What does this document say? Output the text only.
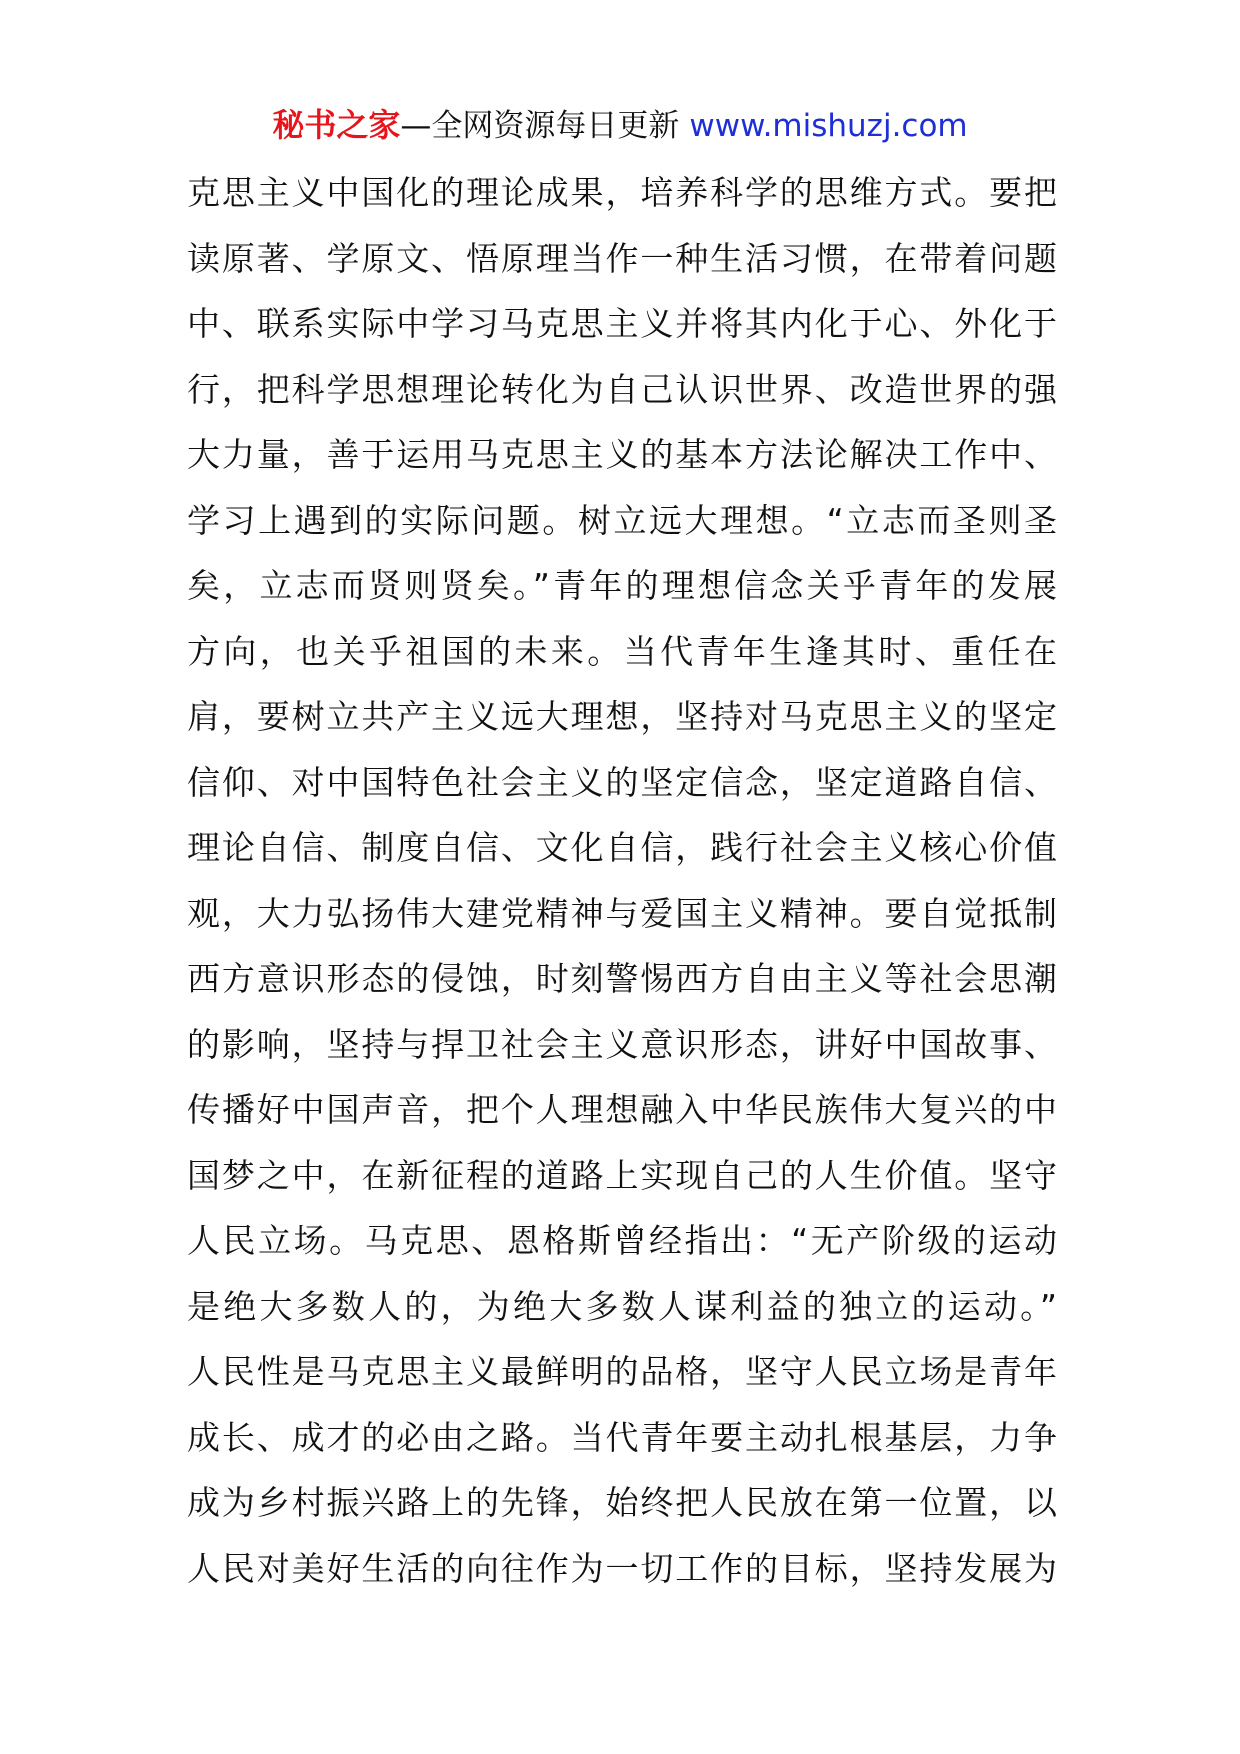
秘书之家—全网资源每日更新 www.mishuzj.com
克思主义中国化的理论成果，培养科学的思维方式。要把
读原著、学原文、悟原理当作一种生活习惯，在带着问题
中、联系实际中学习马克思主义并将其内化于心、外化于
行，把科学思想理论转化为自己认识世界、改造世界的强
大力量，善于运用马克思主义的基本方法论解决工作中、
学习上遇到的实际问题。树立远大理想。“立志而圣则圣
矣，立志而贤则贤矣。”青年的理想信念关乎青年的发展
方向，也关乎祖国的未来。当代青年生逢其时、重任在
肩，要树立共产主义远大理想，坚持对马克思主义的坚定
信仰、对中国特色社会主义的坚定信念，坚定道路自信、
理论自信、制度自信、文化自信，践行社会主义核心价值
观，大力弘扬伟大建党精神与爱国主义精神。要自觉抵制
西方意识形态的侵蚀，时刻警惕西方自由主义等社会思潮
的影响，坚持与捍卫社会主义意识形态，讲好中国故事、
传播好中国声音，把个人理想融入中华民族伟大复兴的中
国梦之中，在新征程的道路上实现自己的人生价值。坚守
人民立场。马克思、恩格斯曾经指出：“无产阶级的运动
是绝大多数人的，为绝大多数人谋利益的独立的运动。”
人民性是马克思主义最鲜明的品格，坚守人民立场是青年
成长、成才的必由之路。当代青年要主动扎根基层，力争
成为乡村振兴路上的先锋，始终把人民放在第一位置，以
人民对美好生活的向往作为一切工作的目标，坚持发展为
